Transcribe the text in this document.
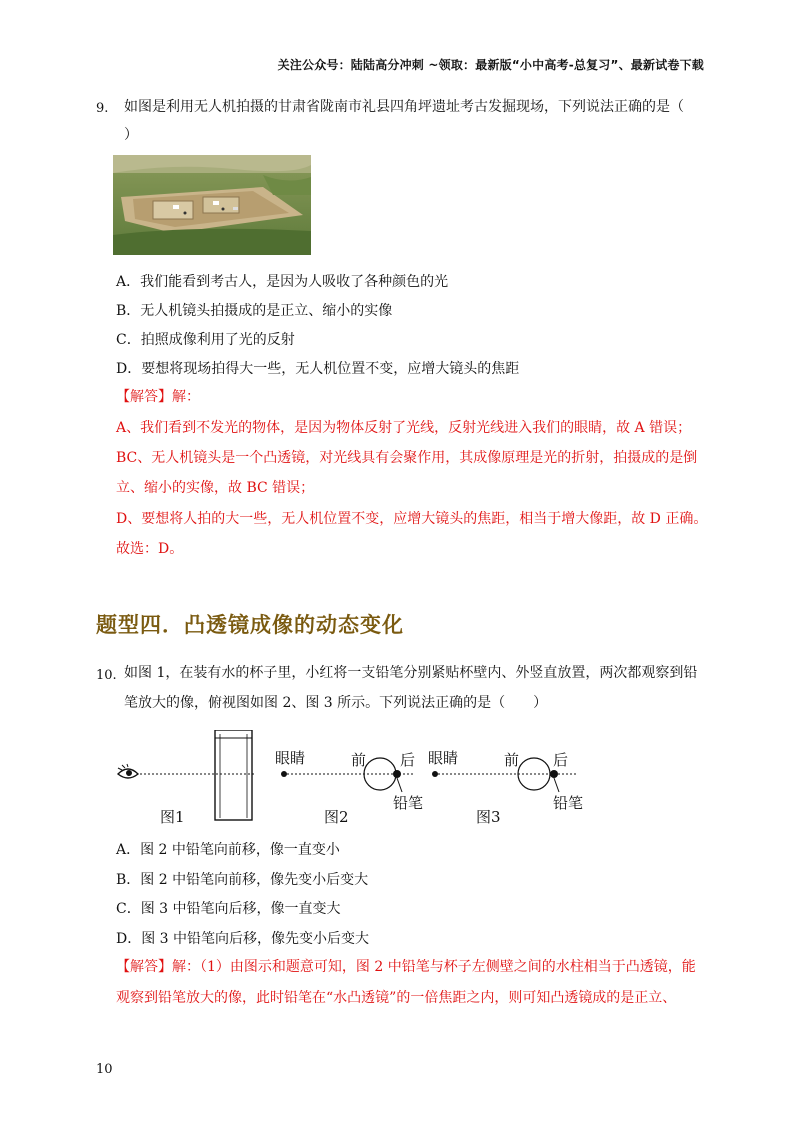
关注公众号：陆陆高分冲刺 ~领取：最新版“小中高考-总复习”、最新试卷下载
9. 如图是利用无人机拍摄的甘肃省陇南市礼县四角坪遗址考古发掘现场，下列说法正确的是（
）
A．我们能看到考古人，是因为人吸收了各种颜色的光
B．无人机镜头拍摄成的是正立、缩小的实像
C．拍照成像利用了光的反射
D．要想将现场拍得大一些，无人机位置不变，应增大镜头的焦距
【解答】解：
A、我们看到不发光的物体，是因为物体反射了光线，反射光线进入我们的眼睛，故 A 错误；
BC、无人机镜头是一个凸透镜，对光线具有会聚作用，其成像原理是光的折射，拍摄成的是倒
立、缩小的实像，故 BC 错误；
D、要想将人拍的大一些，无人机位置不变，应增大镜头的焦距，相当于增大像距，故 D 正确。
故选：D。
题型四．凸透镜成像的动态变化
10. 如图 1，在装有水的杯子里，小红将一支铅笔分别紧贴杯壁内、外竖直放置，两次都观察到铅
笔放大的像，俯视图如图 2、图 3 所示。下列说法正确的是（　　）
图1
眼睛	前 后
铅笔
图2
眼睛	前 后
铅笔
图3
A．图 2 中铅笔向前移，像一直变小
B．图 2 中铅笔向前移，像先变小后变大
C．图 3 中铅笔向后移，像一直变大
D．图 3 中铅笔向后移，像先变小后变大
【解答】解：（1）由图示和题意可知，图 2 中铅笔与杯子左侧壁之间的水柱相当于凸透镜，能
观察到铅笔放大的像，此时铅笔在“水凸透镜”的一倍焦距之内，则可知凸透镜成的是正立、
10
